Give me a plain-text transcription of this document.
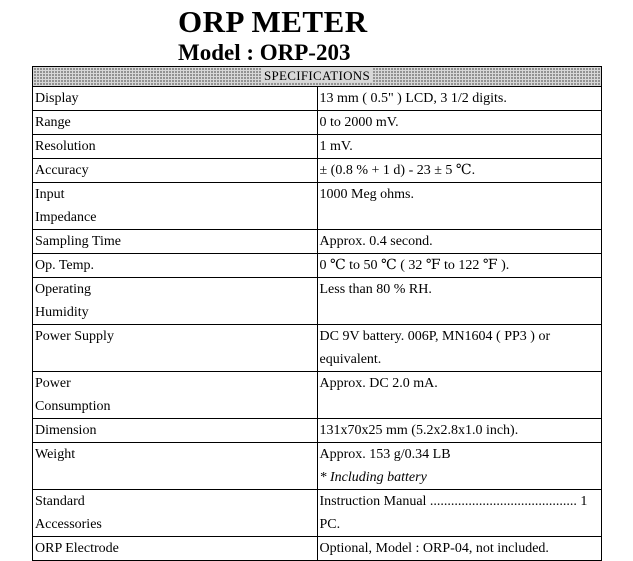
ORP METER
Model : ORP-203
SPECIFICATIONS	

Display	13 mm ( 0.5" ) LCD, 3 1/2 digits.

Range	0 to 2000 mV.

Resolution	1 mV.

Accuracy	± (0.8 % + 1 d) - 23 ± 5 ℃.

Input
Impedance	1000 Meg ohms.

Sampling Time	Approx. 0.4 second.

Op. Temp.	0 ℃ to 50 ℃ ( 32 ℉ to 122 ℉ ).

Operating
Humidity	Less than 80 % RH.

Power Supply	DC 9V battery. 006P, MN1604 ( PP3 ) or equivalent.

Power
Consumption	Approx. DC 2.0 mA.

Dimension	131x70x25 mm (5.2x2.8x1.0 inch).

Weight	Approx. 153 g/0.34 LB
* Including battery

Standard
Accessories	Instruction Manual .......................................... 1 PC.

ORP Electrode	Optional, Model : ORP-04, not included.
